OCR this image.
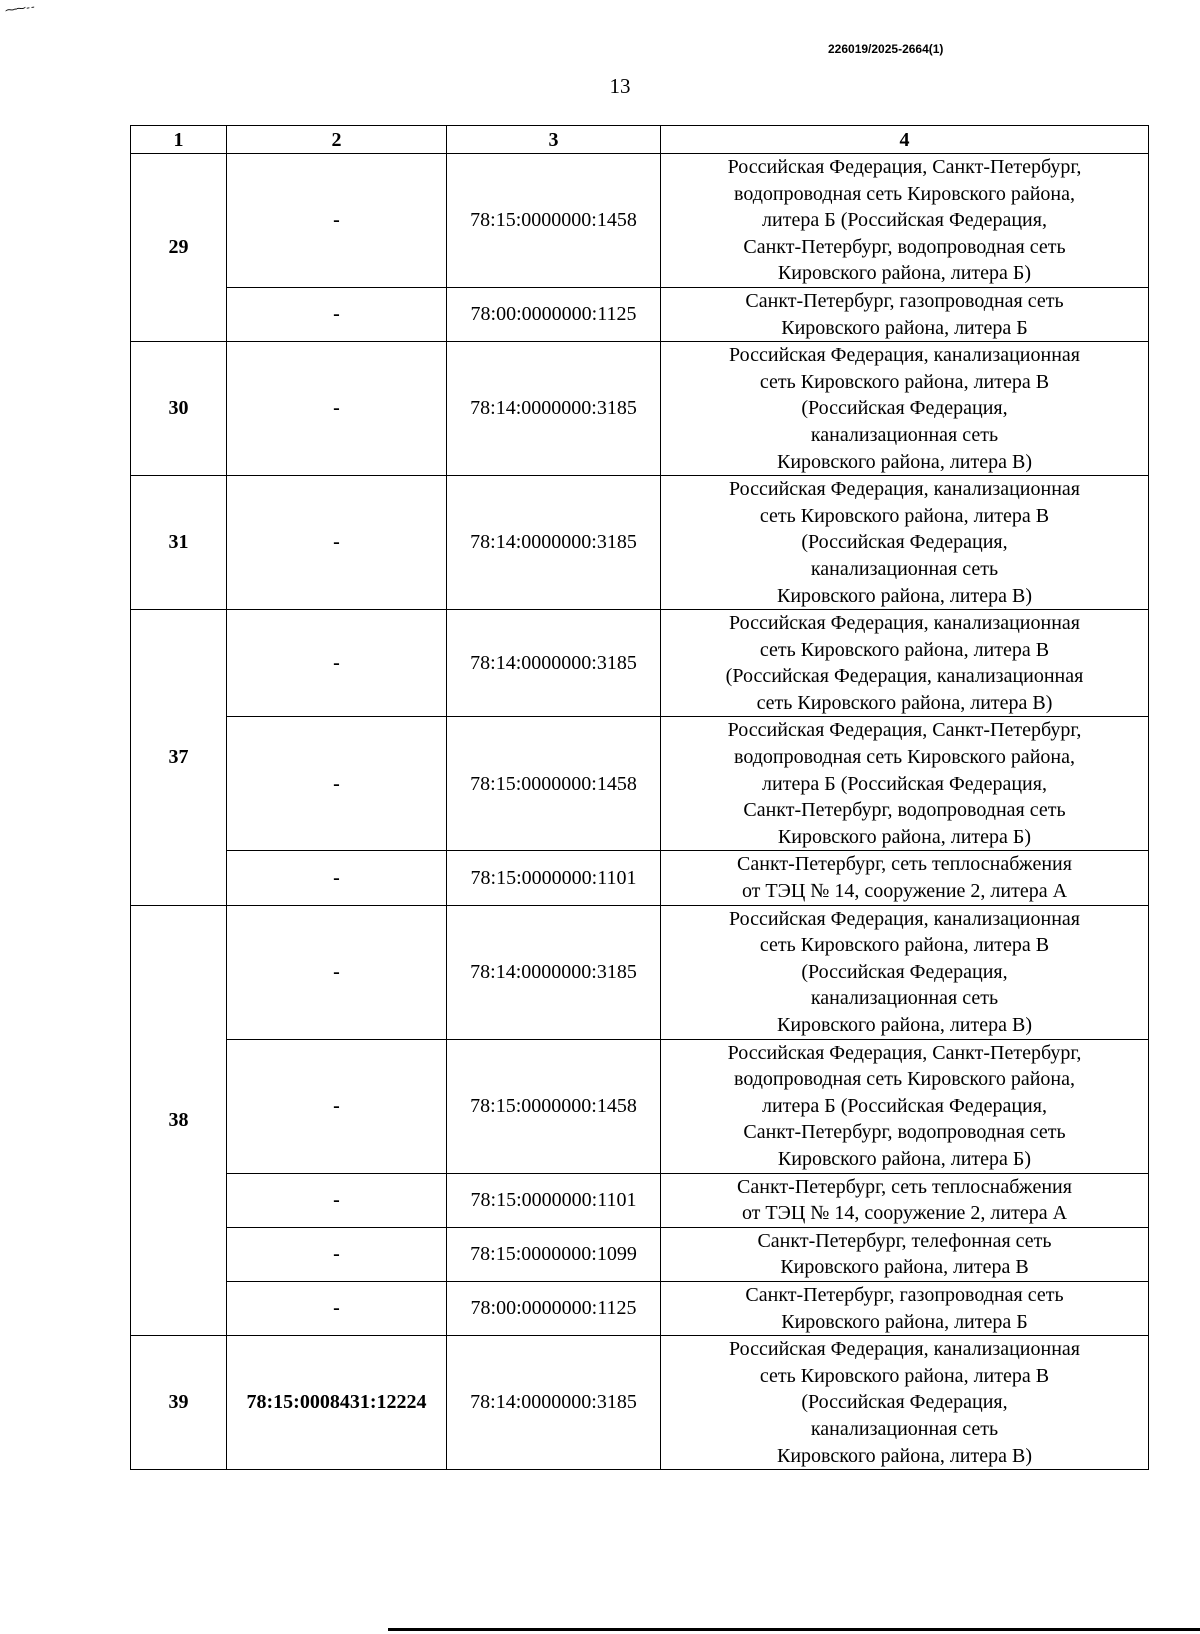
⁓⁓ ‑ ‑
226019/2025-2664(1)
13
1	2	3	4
29	-	78:15:0000000:1458	Российская Федерация, Санкт-Петербург,
водопроводная сеть Кировского района,
литера Б (Российская Федерация,
Санкт-Петербург, водопроводная сеть
Кировского района, литера Б)

	-	78:00:0000000:1125	Санкт-Петербург, газопроводная сеть
Кировского района, литера Б

30	-	78:14:0000000:3185	Российская Федерация, канализационная
сеть Кировского района, литера В
(Российская Федерация,
канализационная сеть
Кировского района, литера В)

31	-	78:14:0000000:3185	Российская Федерация, канализационная
сеть Кировского района, литера В
(Российская Федерация,
канализационная сеть
Кировского района, литера В)

37	-	78:14:0000000:3185	Российская Федерация, канализационная
сеть Кировского района, литера В
(Российская Федерация, канализационная
сеть Кировского района, литера В)

	-	78:15:0000000:1458	Российская Федерация, Санкт-Петербург,
водопроводная сеть Кировского района,
литера Б (Российская Федерация,
Санкт-Петербург, водопроводная сеть
Кировского района, литера Б)

	-	78:15:0000000:1101	Санкт-Петербург, сеть теплоснабжения
от ТЭЦ № 14, сооружение 2, литера А

38	-	78:14:0000000:3185	Российская Федерация, канализационная
сеть Кировского района, литера В
(Российская Федерация,
канализационная сеть
Кировского района, литера В)

	-	78:15:0000000:1458	Российская Федерация, Санкт-Петербург,
водопроводная сеть Кировского района,
литера Б (Российская Федерация,
Санкт-Петербург, водопроводная сеть
Кировского района, литера Б)

	-	78:15:0000000:1101	Санкт-Петербург, сеть теплоснабжения
от ТЭЦ № 14, сооружение 2, литера А

	-	78:15:0000000:1099	Санкт-Петербург, телефонная сеть
Кировского района, литера В

	-	78:00:0000000:1125	Санкт-Петербург, газопроводная сеть
Кировского района, литера Б

39	78:15:0008431:12224	78:14:0000000:3185	Российская Федерация, канализационная
сеть Кировского района, литера В
(Российская Федерация,
канализационная сеть
Кировского района, литера В)
